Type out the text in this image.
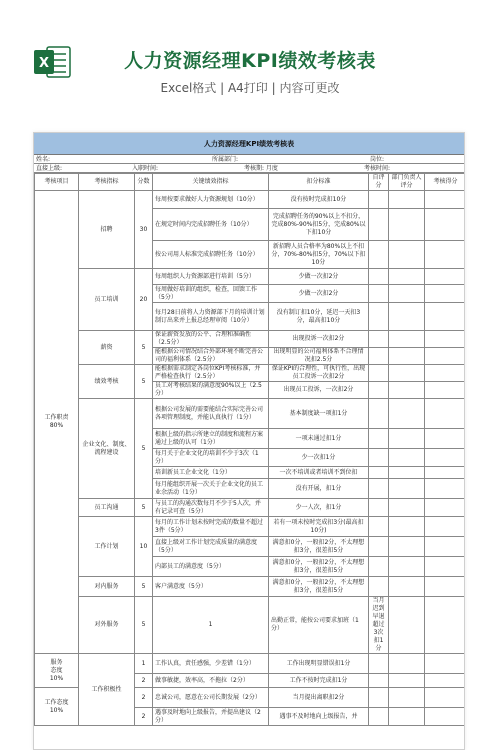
X	人力资源经理KPI绩效考核表
Excel格式 | A4打印 | 内容可更改
人力资源经理KPI绩效考核表
姓名:	所属部门:	岗位:
直接上级:	入职时间:	考核期: 月度	考核时间:
考核项目	考核指标	分数	关键绩效指标	扣分标准	自评分	部门负责人评分	考核得分	
工作职责
80%	招聘	30	每周按要求做好人力资源规划（10分）	没有按时完成扣10分				
			在规定时间内完成招聘任务（10分）	完成招聘任务的90%以上不扣分，完成80%-90%扣5分，完成80%以下扣10分				
			按公司用人标准完成招聘任务（10分）	新招聘人员合格率为80%以上不扣分，70%-80%扣5分，70%以下扣10分				
	员工培训	20	每周组织人力资源部进行培训（5分）	少做一次扣2分				
			每周做好培训的组织，检查，回馈工作（5分）	少做一次扣2分				
			每月28日前将人力资源部下月的培训计划制订出来并上报总经理审阅（10分）	没有制订扣10分，延迟一天扣3分，最高扣10分				
	薪资	5	保证薪资发放的公平、合理和准确性（2.5分）	出现投诉一次扣2分				
			能根据公司情况结合外部环境不断完善公司的福利体系（2.5分）	出现明显的公司福利体系不合理情况扣2.5分				
	绩效考核	5	能根据需求制定各岗位KPI考核标准，并严格检查执行（2.5分）	保证KPI的合理性，可执行性，出现员工投诉一次扣2分				
			员工对考核结果的满意度90%以上（2.5分）	出现员工投诉，一次扣2分				
	企业文化、制度、流程建设	5	根据公司发展的需要能结合实际完善公司各项管理制度，并能认真执行（1分）	基本制度缺一项扣1分				
			根据上级的指示所建立的制度和流程方案通过上级的认可（1分）	一项未通过扣1分				
			每月关于企业文化的培训不少于3次（1分）	少一次扣1分				
			培训新员工企业文化（1分）	一次不培训或者培训不到位扣				
			每月能组织开展一次关于企业文化的员工业余活动（1分）	没有开展，扣1分				
	员工沟通	5	与员工的沟通次数每月不少于5人次，并有记录可查（5分）	少一人次，扣1分				
	工作计划	10	每月的工作计划未按时完成的数量不超过3件（5分）	若有一项未按时完成扣3分(最高扣10分)				
			直接上级对工作计划完成质量的满意度（5分）	满意扣0分，一般扣2分，不太理想扣3分，很差扣5分				
			内部员工的满意度（5分）	满意扣0分，一般扣2分，不太理想扣3分，很差扣5分				
	对内服务	5	客户满意度（5分）	满意扣0分，一般扣2分，不太理想扣3分，很差扣5分				
	对外服务	5	1	出勤正常，能按公司要求加班（1分）	当月迟到早退超过3次扣1分			
服务
态度
10%	工作积极性	1	工作认真，责任感强，少差错（1分）	工作出现明显错误扣1分				
		2	做事敏捷，效率高，不拖拉（2分）	工作不按时完成扣1分				
工作态度
10%		2	忠诚公司，愿意在公司长期发展（2分）	当月提出离职扣2分				
		2	遇事及时地向上级报告，并提出建议（2分）	遇事不及时地向上级报告，并				
